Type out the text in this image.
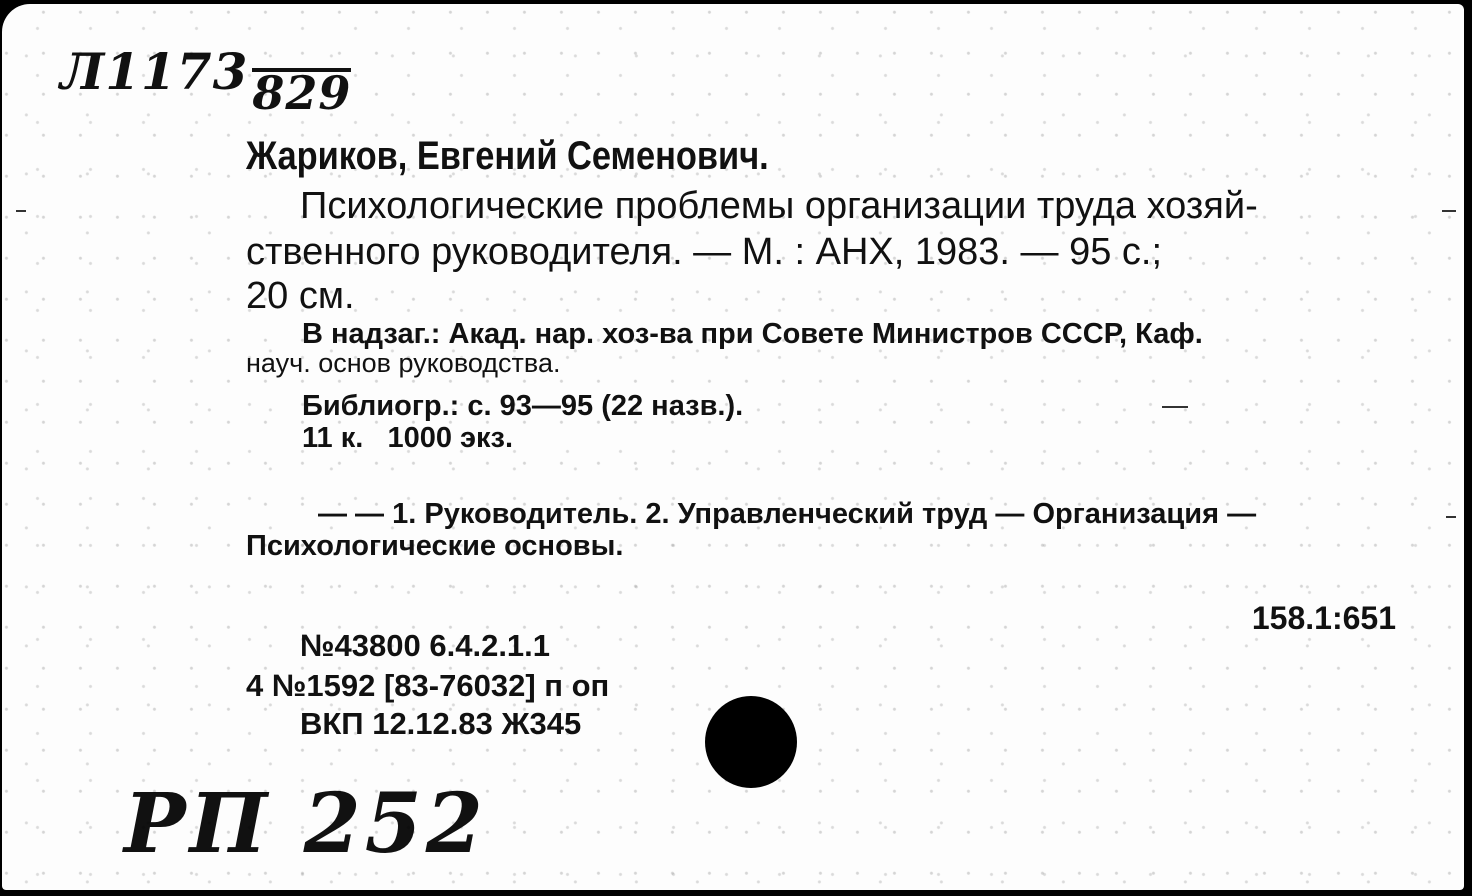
Л1173829
Жариков, Евгений Семенович.
Психологические проблемы организации труда хозяй-
ственного руководителя. — М. : АНХ, 1983. — 95 с.;
20 см.
В надзаг.: Акад. нар. хоз-ва при Совете Министров СССР, Каф.
науч. основ руководства.
Библиогр.: с. 93—95 (22 назв.).
11 к.   1000 экз.
— — 1. Руководитель. 2. Управленческий труд — Организация —
Психологические основы.
158.1:651
№43800 6.4.2.1.1
4 №1592 [83-76032] п оп
ВКП 12.12.83 Ж345
РП 252
